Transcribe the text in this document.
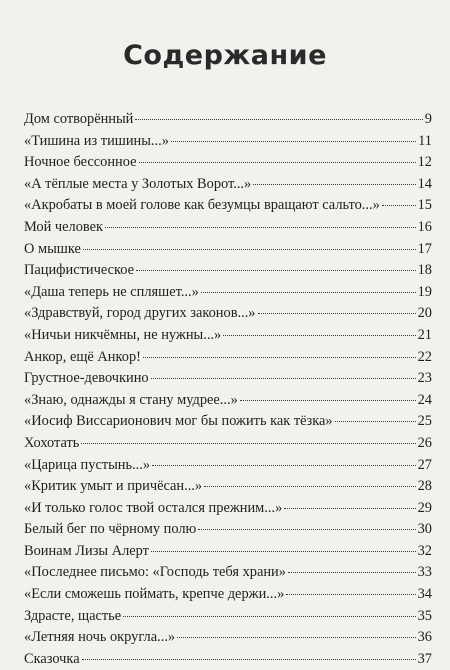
Содержание
Дом сотворённый	9
«Тишина из тишины...»	11
Ночное бессонное	12
«А тёплые места у Золотых Ворот...»	14
«Акробаты в моей голове как безумцы вращают сальто...»	15
Мой человек	16
О мышке	17
Пацифистическое	18
«Даша теперь не спляшет...»	19
«Здравствуй, город других законов...»	20
«Ничьи никчёмны, не нужны...»	21
Анкор, ещё Анкор!	22
Грустное-девочкино	23
«Знаю, однажды я стану мудрее...»	24
«Иосиф Виссарионович мог бы пожить как тёзка»	25
Хохотать	26
«Царица пустынь...»	27
«Критик умыт и причёсан...»	28
«И только голос твой остался прежним...»	29
Белый бег по чёрному полю	30
Воинам Лизы Алерт	32
«Последнее письмо: «Господь тебя храни»	33
«Если сможешь поймать, крепче держи...»	34
Здрасте, щастье	35
«Летняя ночь округла...»	36
Сказочка	37
